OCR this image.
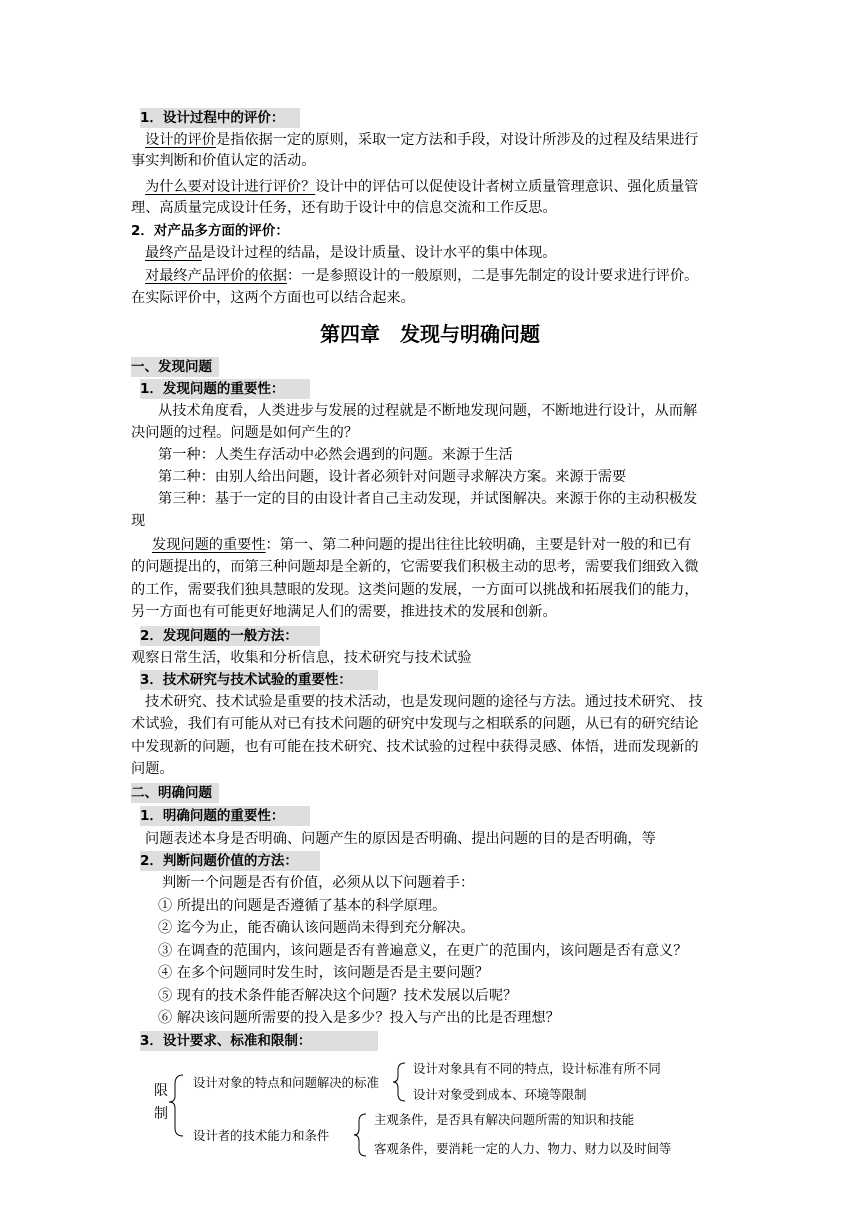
1．设计过程中的评价：
设计的评价是指依据一定的原则，采取一定方法和手段，对设计所涉及的过程及结果进行
事实判断和价值认定的活动。
为什么要对设计进行评价？设计中的评估可以促使设计者树立质量管理意识、强化质量管
理、高质量完成设计任务，还有助于设计中的信息交流和工作反思。
2．对产品多方面的评价：
最终产品是设计过程的结晶，是设计质量、设计水平的集中体现。
对最终产品评价的依据：一是参照设计的一般原则，二是事先制定的设计要求进行评价。
在实际评价中，这两个方面也可以结合起来。
第四章　发现与明确问题
一、发现问题
1．发现问题的重要性：
从技术角度看，人类进步与发展的过程就是不断地发现问题，不断地进行设计，从而解
决问题的过程。问题是如何产生的？
第一种：人类生存活动中必然会遇到的问题。来源于生活
第二种：由别人给出问题，设计者必须针对问题寻求解决方案。来源于需要
第三种：基于一定的目的由设计者自己主动发现，并试图解决。来源于你的主动积极发
现
发现问题的重要性：第一、第二种问题的提出往往比较明确，主要是针对一般的和已有
的问题提出的，而第三种问题却是全新的，它需要我们积极主动的思考，需要我们细致入微
的工作，需要我们独具慧眼的发现。这类问题的发展，一方面可以挑战和拓展我们的能力，
另一方面也有可能更好地满足人们的需要，推进技术的发展和创新。
2．发现问题的一般方法：
观察日常生活，收集和分析信息，技术研究与技术试验
3．技术研究与技术试验的重要性：
技术研究、技术试验是重要的技术活动，也是发现问题的途径与方法。通过技术研究、 技
术试验，我们有可能从对已有技术问题的研究中发现与之相联系的问题，从已有的研究结论
中发现新的问题，也有可能在技术研究、技术试验的过程中获得灵感、体悟，进而发现新的
问题。
二、明确问题
1．明确问题的重要性：
问题表述本身是否明确、问题产生的原因是否明确、提出问题的目的是否明确，等
2．判断问题价值的方法：
判断一个问题是否有价值，必须从以下问题着手：
① 所提出的问题是否遵循了基本的科学原理。
② 迄今为止，能否确认该问题尚未得到充分解决。
③ 在调查的范围内，该问题是否有普遍意义，在更广的范围内，该问题是否有意义？
④ 在多个问题同时发生时，该问题是否是主要问题？
⑤ 现有的技术条件能否解决这个问题？技术发展以后呢？
⑥ 解决该问题所需要的投入是多少？投入与产出的比是否理想？
3．设计要求、标准和限制：
限
制
设计对象的特点和问题解决的标准
设计对象具有不同的特点，设计标准有所不同
设计对象受到成本、环境等限制
设计者的技术能力和条件
主观条件，是否具有解决问题所需的知识和技能
客观条件，要消耗一定的人力、物力、财力以及时间等
